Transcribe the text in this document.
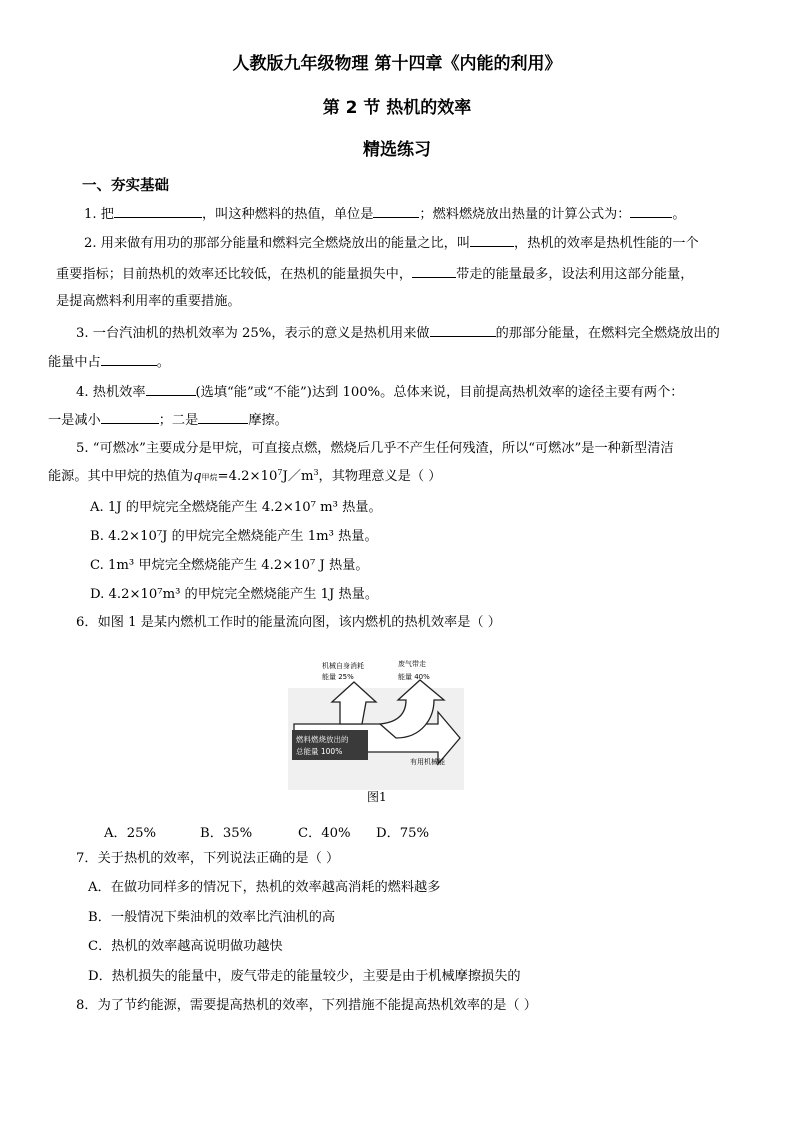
人教版九年级物理 第十四章《内能的利用》
第 2 节 热机的效率
精选练习
一、夯实基础
1. 把	，叫这种燃料的热值，单位是	；燃料燃烧放出热量的计算公式为：	。
2. 用来做有用功的那部分能量和燃料完全燃烧放出的能量之比，叫	，热机的效率是热机性能的一个
重要指标；目前热机的效率还比较低，在热机的能量损失中，	带走的能量最多，设法利用这部分能量，
是提高燃料利用率的重要措施。
3. 一台汽油机的热机效率为 25%，表示的意义是热机用来做	的那部分能量，在燃料完全燃烧放出的
能量中占	。
4. 热机效率	(选填“能”或“不能”)达到 100%。总体来说，目前提高热机效率的途径主要有两个：
一是减小	；二是	摩擦。
5. “可燃冰”主要成分是甲烷，可直接点燃，燃烧后几乎不产生任何残渣，所以“可燃冰”是一种新型清洁
能源。其中甲烷的热值为q甲烷$=4.2\times 10^7J/m^3$，其物理意义是（ ）
A. 1J 的甲烷完全燃烧能产生 4.2×10⁷ m³ 热量。
B. 4.2×10⁷J 的甲烷完全燃烧能产生 1m³ 热量。
C. 1m³ 甲烷完全燃烧能产生 4.2×10⁷ J 热量。
D. 4.2×10⁷m³ 的甲烷完全燃烧能产生 1J 热量。
6．如图 1 是某内燃机工作时的能量流向图，该内燃机的热机效率是（ ）
燃料燃烧放出的
总能量 100%
有用机械能
机械自身消耗
能量 25%
废气带走
能量 40%
图1
A．25%	B．35%	C．40% D．75%
7．关于热机的效率，下列说法正确的是（ ）
A．在做功同样多的情况下，热机的效率越高消耗的燃料越多
B．一般情况下柴油机的效率比汽油机的高
C．热机的效率越高说明做功越快
D．热机损失的能量中，废气带走的能量较少，主要是由于机械摩擦损失的
8．为了节约能源，需要提高热机的效率，下列措施不能提高热机效率的是（ ）
